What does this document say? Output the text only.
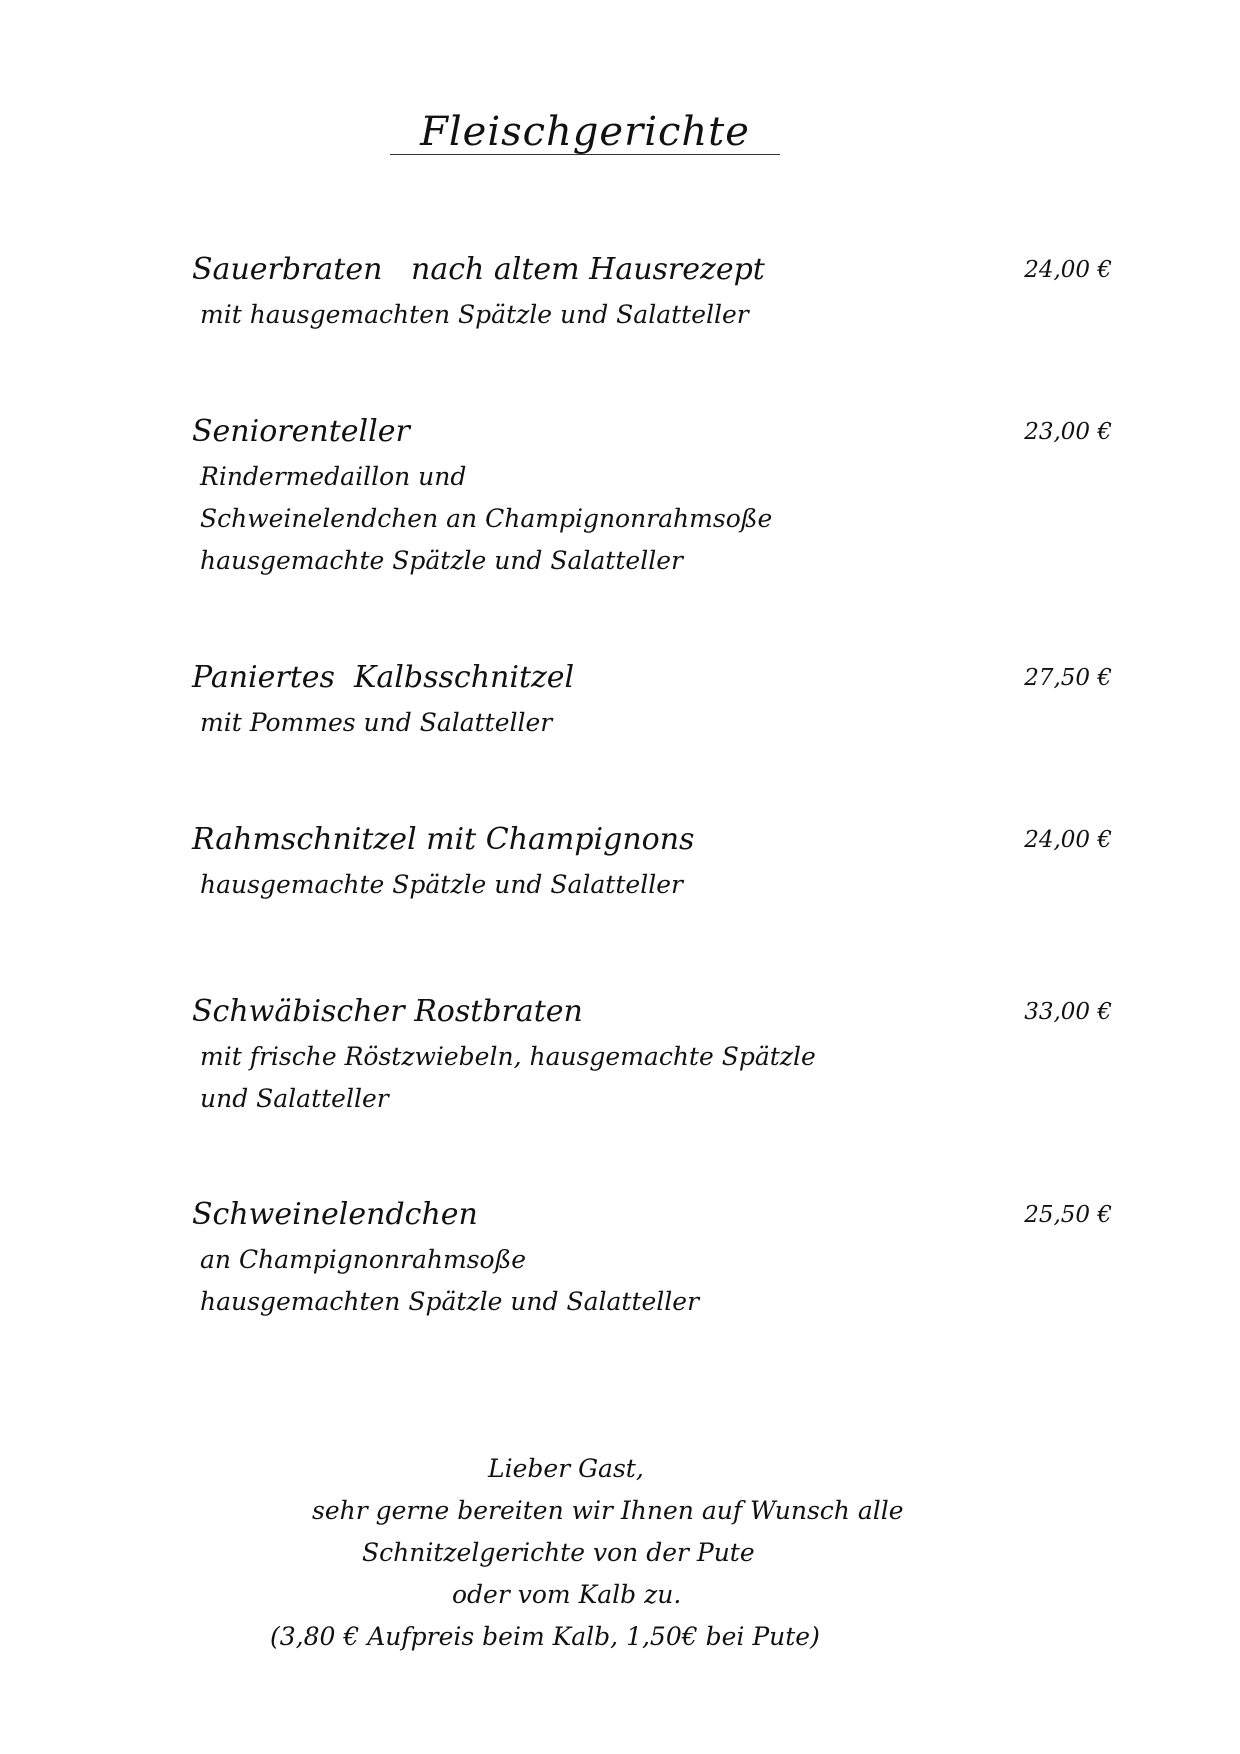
Fleischgerichte
Sauerbraten   nach altem Hausrezept	24,00 €
mit hausgemachten Spätzle und Salatteller
Seniorenteller	23,00 €
Rindermedaillon und
Schweinelendchen an Champignonrahmsoße
hausgemachte Spätzle und Salatteller
Paniertes  Kalbsschnitzel	27,50 €
mit Pommes und Salatteller
Rahmschnitzel mit Champignons	24,00 €
hausgemachte Spätzle und Salatteller
Schwäbischer Rostbraten	33,00 €
mit frische Röstzwiebeln, hausgemachte Spätzle
und Salatteller
Schweinelendchen	25,50 €
an Champignonrahmsoße
hausgemachten Spätzle und Salatteller
Lieber Gast,
sehr gerne bereiten wir Ihnen auf Wunsch alle
Schnitzelgerichte von der Pute
oder vom Kalb zu.
(3,80 € Aufpreis beim Kalb, 1,50€ bei Pute)
